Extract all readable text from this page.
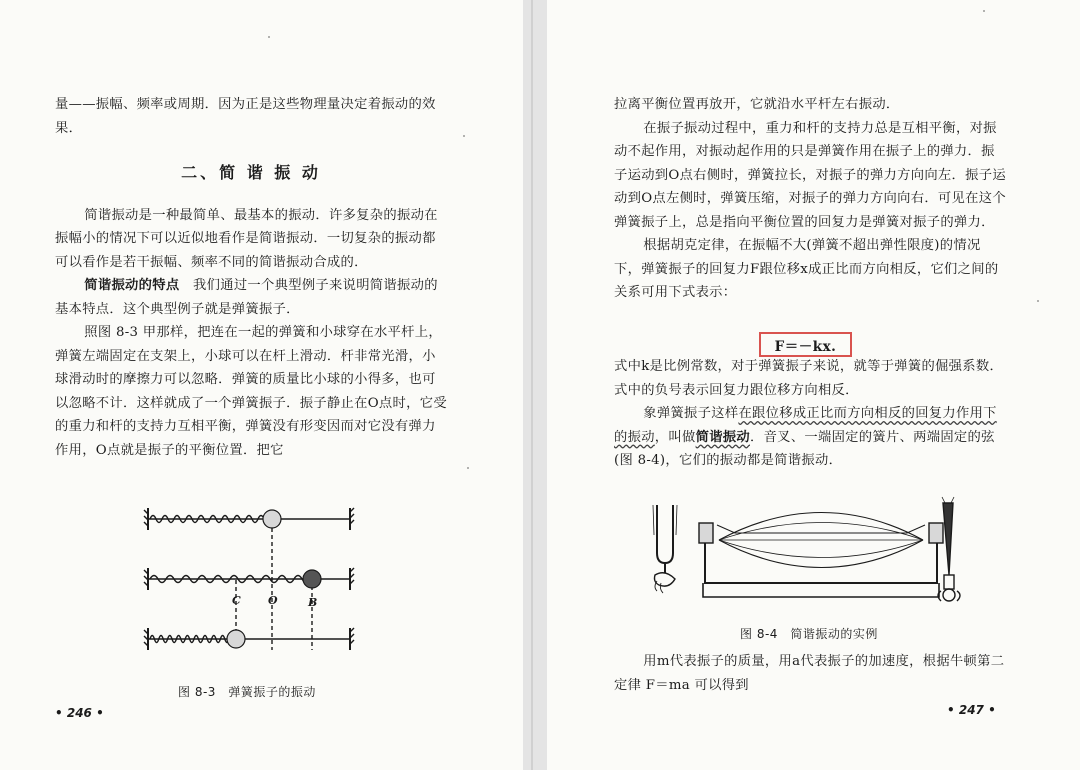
量——振幅、频率或周期．因为正是这些物理量决定着振动的效果．

二、简 谐 振 动

简谐振动是一种最简单、最基本的振动．许多复杂的振动在振幅小的情况下可以近似地看作是简谐振动．一切复杂的振动都可以看作是若干振幅、频率不同的简谐振动合成的．

简谐振动的特点　 我们通过一个典型例子来说明简谐振动的基本特点．这个典型例子就是弹簧振子．

照图 8-3 甲那样，把连在一起的弹簧和小球穿在水平杆上，弹簧左端固定在支架上，小球可以在杆上滑动．杆非常光滑，小球滑动时的摩擦力可以忽略．弹簧的质量比小球的小得多，也可以忽略不计．这样就成了一个弹簧振子．振子静止在O点时，它受的重力和杆的支持力互相平衡，弹簧没有形变因而对它没有弹力作用，O点就是振子的平衡位置．把它

C O	B
图 8-3　弹簧振子的振动
• 246 •

拉离平衡位置再放开，它就沿水平杆左右振动．

在振子振动过程中，重力和杆的支持力总是互相平衡，对振动不起作用，对振动起作用的只是弹簧作用在振子上的弹力．振子运动到O点右侧时，弹簧拉长，对振子的弹力方向向左．振子运动到O点左侧时，弹簧压缩，对振子的弹力方向向右．可见在这个弹簧振子上，总是指向平衡位置的回复力是弹簧对振子的弹力．

根据胡克定律，在振幅不大(弹簧不超出弹性限度)的情况下，弹簧振子的回复力F跟位移x成正比而方向相反，它们之间的关系可用下式表示：

F＝－kx.

式中k是比例常数，对于弹簧振子来说，就等于弹簧的倔强系数．式中的负号表示回复力跟位移方向相反．

象弹簧振子这样在跟位移成正比而方向相反的回复力作用下的振动，叫做简谐振动．音叉、一端固定的簧片、两端固定的弦(图 8-4)，它们的振动都是简谐振动．

图 8-4　简谐振动的实例

用m代表振子的质量，用a代表振子的加速度，根据牛顿第二定律 F＝ma 可以得到

• 247 •
